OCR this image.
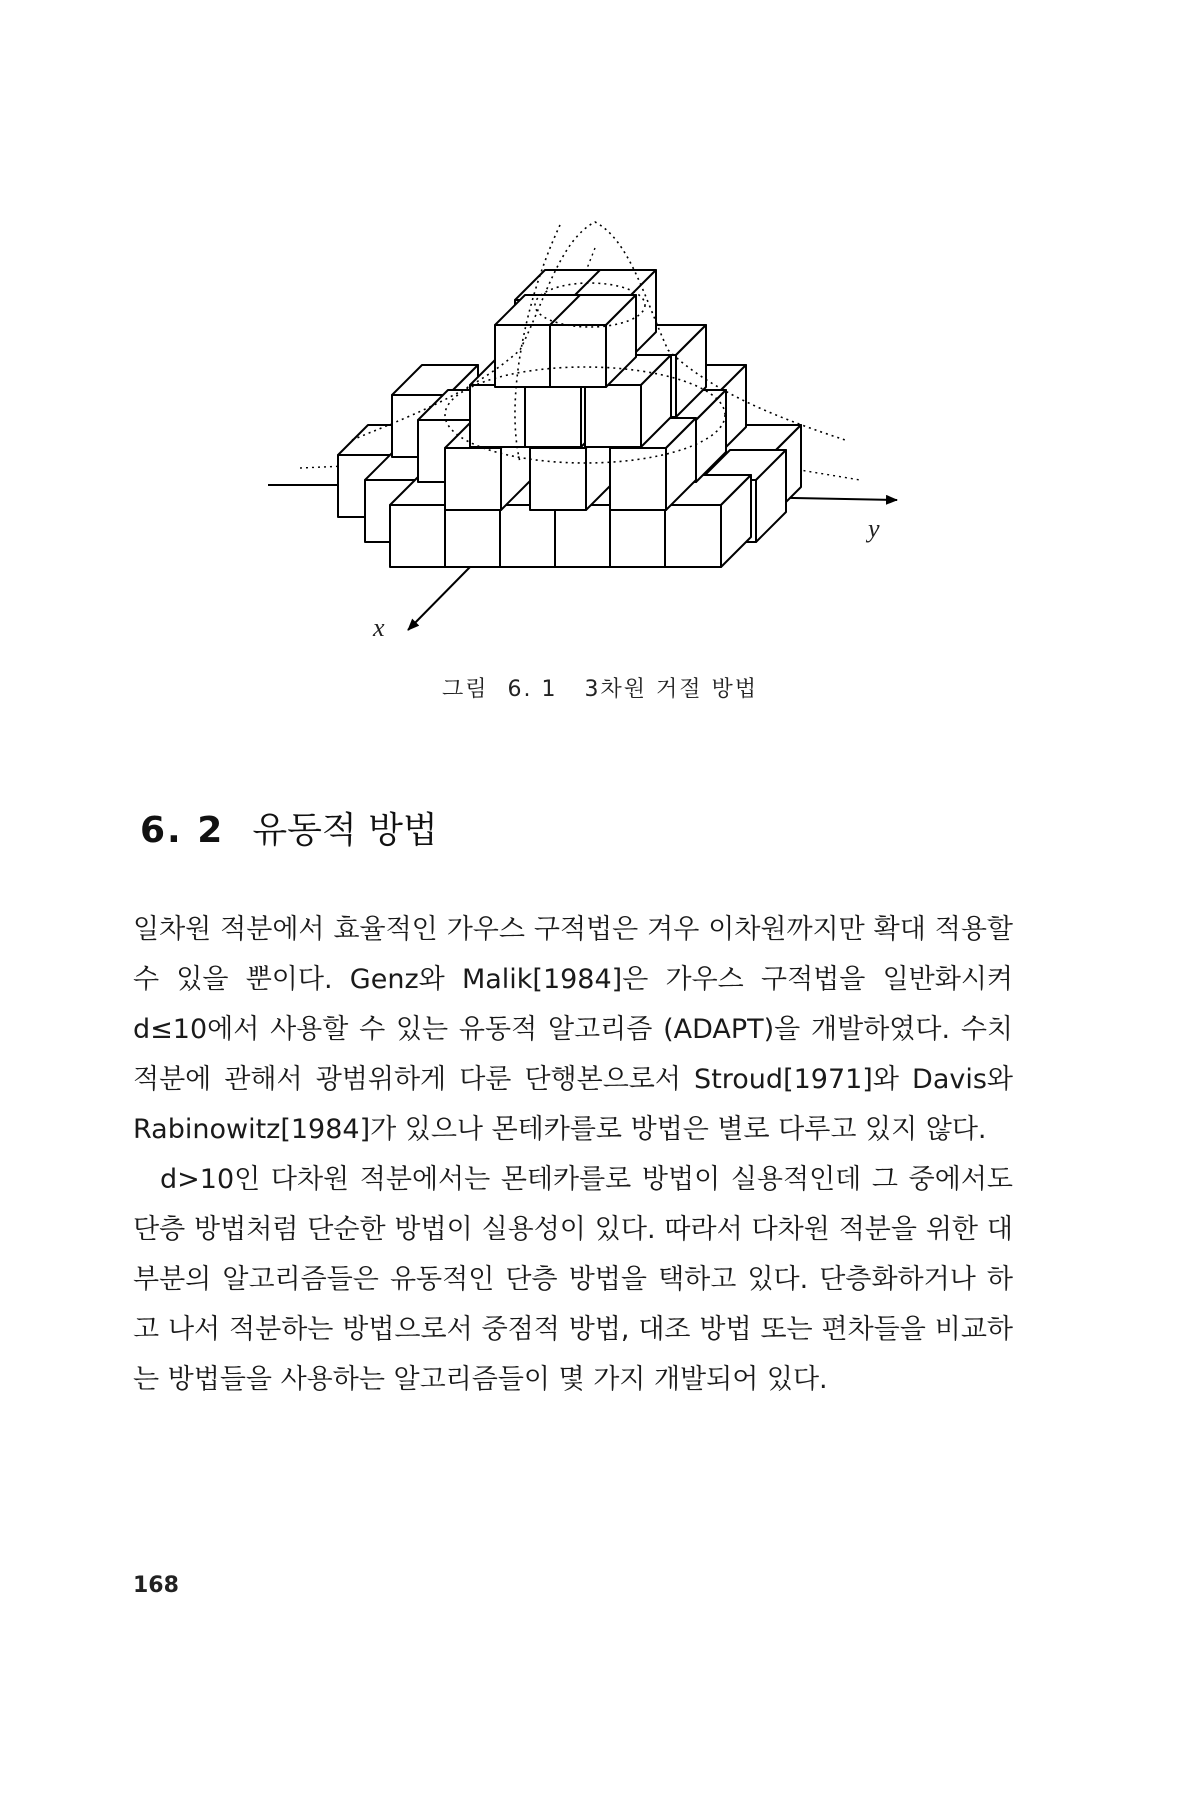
x
y
그림 6. 1 3차원 거절 방법
6. 2 유동적 방법

일차원 적분에서 효율적인 가우스 구적법은 겨우 이차원까지만 확대 적용할 수 있을 뿐이다. Genz와 Malik[1984]은 가우스 구적법을 일반화시켜 d≤10에서 사용할 수 있는 유동적 알고리즘 (ADAPT)을 개발하였다. 수치 적분에 관해서 광범위하게 다룬 단행본으로서 Stroud[1971]와 Davis와 Rabinowitz[1984]가 있으나 몬테카를로 방법은 별로 다루고 있지 않다.

d>10인 다차원 적분에서는 몬테카를로 방법이 실용적인데 그 중에서도 단층 방법처럼 단순한 방법이 실용성이 있다. 따라서 다차원 적분을 위한 대부분의 알고리즘들은 유동적인 단층 방법을 택하고 있다. 단층화하거나 하고 나서 적분하는 방법으로서 중점적 방법, 대조 방법 또는 편차들을 비교하는 방법들을 사용하는 알고리즘들이 몇 가지 개발되어 있다.

168
